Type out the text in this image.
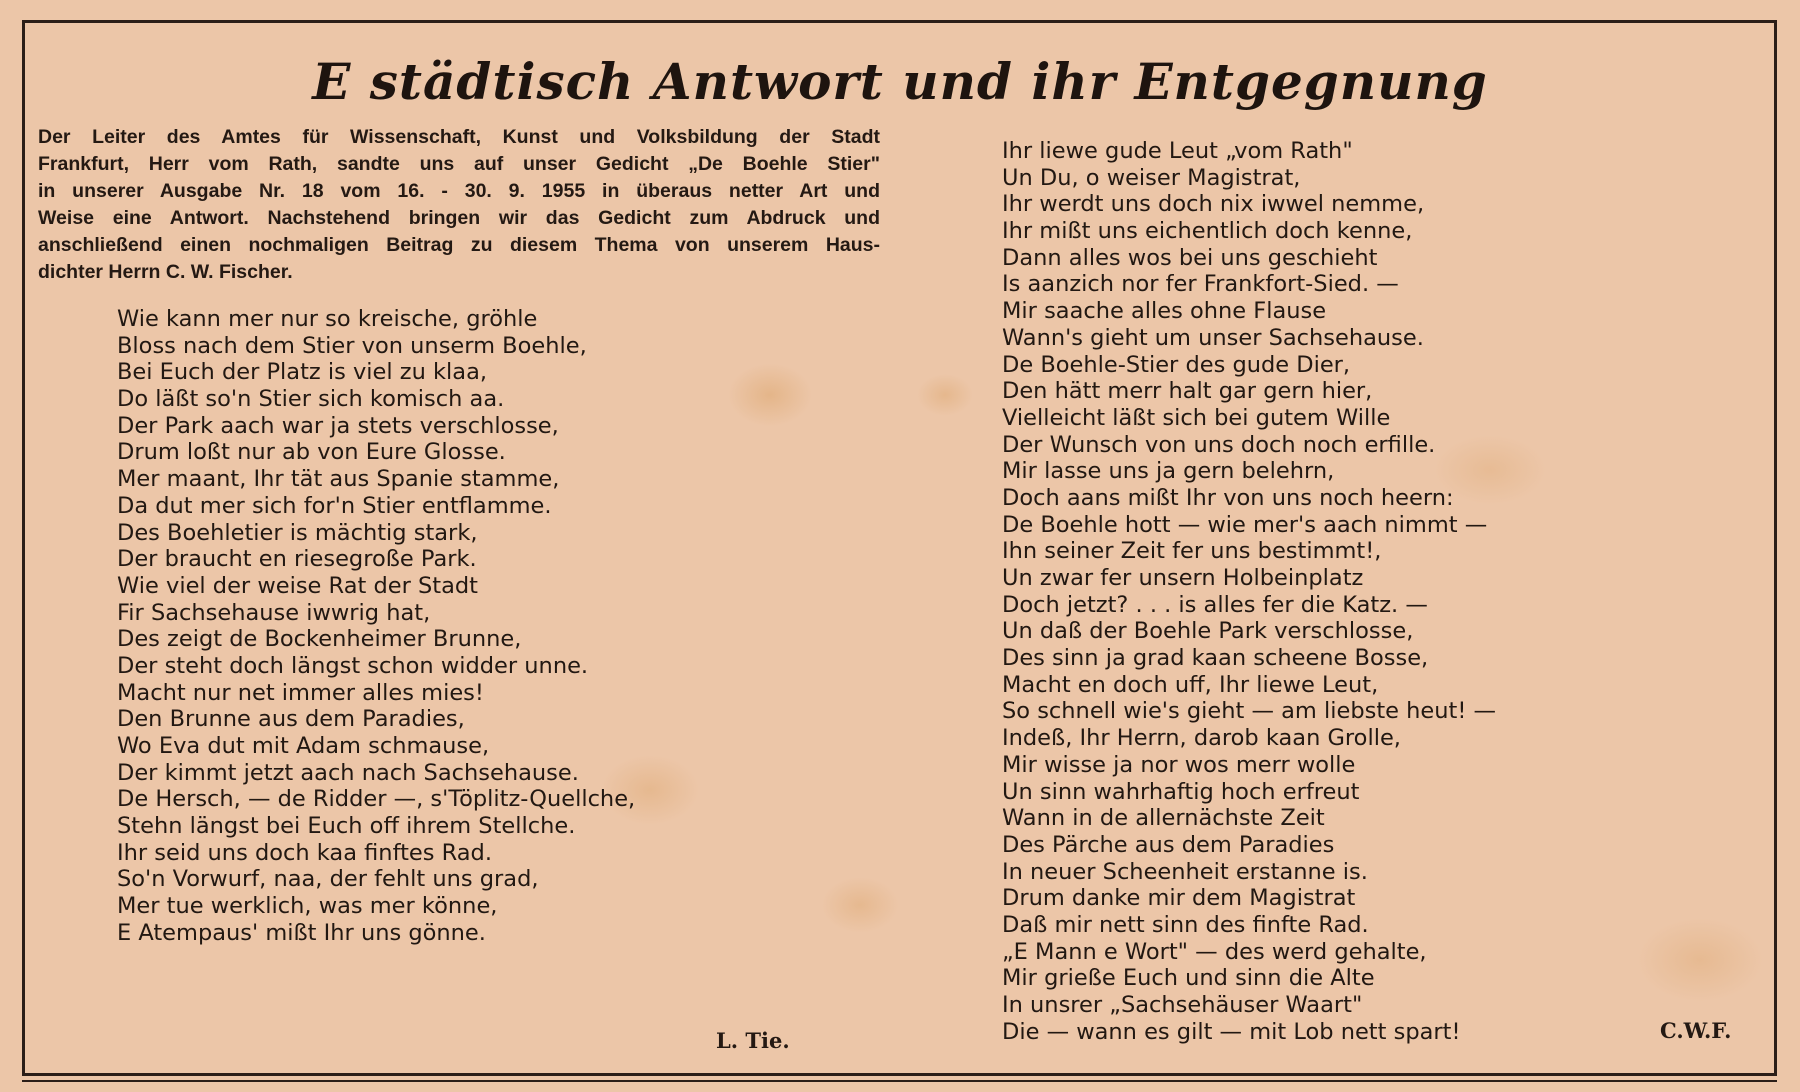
E städtisch Antwort und ihr Entgegnung
Der Leiter des Amtes für Wissenschaft, Kunst und Volksbildung der Stadt
Frankfurt, Herr vom Rath, sandte uns auf unser Gedicht „De Boehle Stier"
in unserer Ausgabe Nr. 18 vom 16. - 30. 9. 1955 in überaus netter Art und
Weise eine Antwort. Nachstehend bringen wir das Gedicht zum Abdruck und
anschließend einen nochmaligen Beitrag zu diesem Thema von unserem Haus-
dichter Herrn C. W. Fischer.
Wie kann mer nur so kreische, gröhle
Bloss nach dem Stier von unserm Boehle,
Bei Euch der Platz is viel zu klaa,
Do läßt so'n Stier sich komisch aa.
Der Park aach war ja stets verschlosse,
Drum loßt nur ab von Eure Glosse.
Mer maant, Ihr tät aus Spanie stamme,
Da dut mer sich for'n Stier entflamme.
Des Boehletier is mächtig stark,
Der braucht en riesegroße Park.
Wie viel der weise Rat der Stadt
Fir Sachsehause iwwrig hat,
Des zeigt de Bockenheimer Brunne,
Der steht doch längst schon widder unne.
Macht nur net immer alles mies!
Den Brunne aus dem Paradies,
Wo Eva dut mit Adam schmause,
Der kimmt jetzt aach nach Sachsehause.
De Hersch, — de Ridder —, s'Töplitz-Quellche,
Stehn längst bei Euch off ihrem Stellche.
Ihr seid uns doch kaa finftes Rad.
So'n Vorwurf, naa, der fehlt uns grad,
Mer tue werklich, was mer könne,
E Atempaus' mißt Ihr uns gönne.
L. Tie.
Ihr liewe gude Leut „vom Rath"
Un Du, o weiser Magistrat,
Ihr werdt uns doch nix iwwel nemme,
Ihr mißt uns eichentlich doch kenne,
Dann alles wos bei uns geschieht
Is aanzich nor fer Frankfort-Sied. —
Mir saache alles ohne Flause
Wann's gieht um unser Sachsehause.
De Boehle-Stier des gude Dier,
Den hätt merr halt gar gern hier,
Vielleicht läßt sich bei gutem Wille
Der Wunsch von uns doch noch erfille.
Mir lasse uns ja gern belehrn,
Doch aans mißt Ihr von uns noch heern:
De Boehle hott — wie mer's aach nimmt —
Ihn seiner Zeit fer uns bestimmt!,
Un zwar fer unsern Holbeinplatz
Doch jetzt? . . . is alles fer die Katz. —
Un daß der Boehle Park verschlosse,
Des sinn ja grad kaan scheene Bosse,
Macht en doch uff, Ihr liewe Leut,
So schnell wie's gieht — am liebste heut! —
Indeß, Ihr Herrn, darob kaan Grolle,
Mir wisse ja nor wos merr wolle
Un sinn wahrhaftig hoch erfreut
Wann in de allernächste Zeit
Des Pärche aus dem Paradies
In neuer Scheenheit erstanne is.
Drum danke mir dem Magistrat
Daß mir nett sinn des finfte Rad.
„E Mann e Wort" — des werd gehalte,
Mir grieße Euch und sinn die Alte
In unsrer „Sachsehäuser Waart"
Die — wann es gilt — mit Lob nett spart!	C.W.F.
